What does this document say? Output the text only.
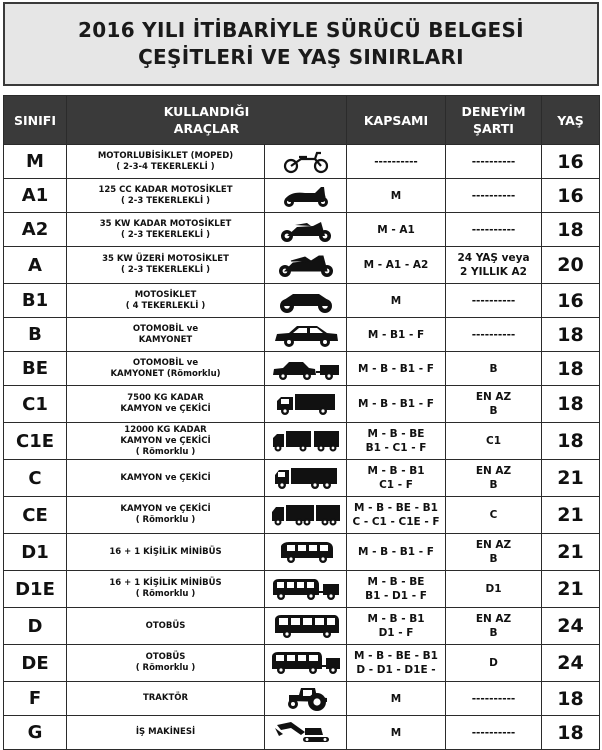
2016 YILI İTİBARİYLE SÜRÜCÜ BELGESİ
ÇEŞİTLERİ VE YAŞ SINIRLARI
SINIFI	KULLANDIĞI
ARAÇLAR		KAPSAMI	DENEYİM
ŞARTI	YAŞ
M	MOTORLUBİSİKLET (MOPED)
( 2-3-4 TEKERLEKLİ )		----------	----------	16
A1	125 CC KADAR MOTOSİKLET
( 2-3 TEKERLEKLİ )		M	----------	16
A2	35 KW KADAR MOTOSİKLET
( 2-3 TEKERLEKLİ )		M - A1	----------	18
A	35 KW ÜZERİ MOTOSİKLET
( 2-3 TEKERLEKLİ )		M - A1 - A2	24 YAŞ veya
2 YILLIK A2	20
B1	MOTOSİKLET
( 4 TEKERLEKLİ )		M	----------	16
B	OTOMOBİL ve
KAMYONET		M - B1 - F	----------	18
BE	OTOMOBİL ve
KAMYONET (Römorklu)		M - B - B1 - F	B	18
C1	7500 KG KADAR
KAMYON ve ÇEKİCİ		M - B - B1 - F	EN AZ
B	18
C1E	12000 KG KADAR
KAMYON ve ÇEKİCİ
( Römorklu )		M - B - BE
B1 - C1 - F	C1	18
C	KAMYON ve ÇEKİCİ		M - B - B1
C1 - F	EN AZ
B	21
CE	KAMYON ve ÇEKİCİ
( Römorklu )		M - B - BE - B1
C - C1 - C1E - F	C	21
D1	16 + 1 KİŞİLİK MİNİBÜS		M - B - B1 - F	EN AZ
B	21
D1E	16 + 1 KİŞİLİK MİNİBÜS
( Römorklu )		M - B - BE
B1 - D1 - F	D1	21
D	OTOBÜS		M - B - B1
D1 - F	EN AZ
B	24
DE	OTOBÜS
( Römorklu )		M - B - BE - B1
D - D1 - D1E -	D	24
F	TRAKTÖR		M	----------	18
G	İŞ MAKİNESİ		M	----------	18
